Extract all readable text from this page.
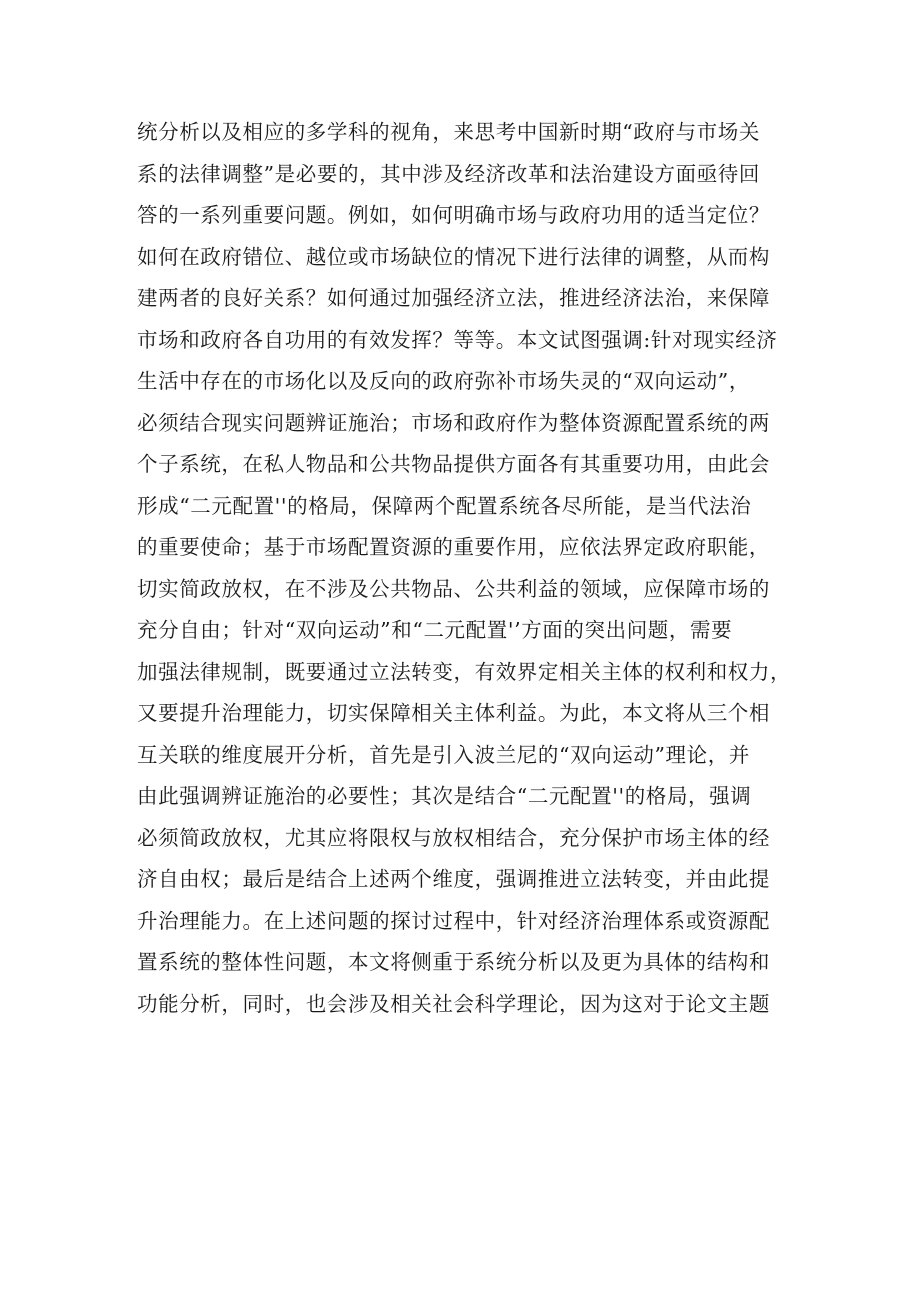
统分析以及相应的多学科的视角，来思考中国新时期“政府与市场关
系的法律调整”是必要的，其中涉及经济改革和法治建设方面亟待回
答的一系列重要问题。例如，如何明确市场与政府功用的适当定位？
如何在政府错位、越位或市场缺位的情况下进行法律的调整，从而构
建两者的良好关系？如何通过加强经济立法，推进经济法治，来保障
市场和政府各自功用的有效发挥？等等。本文试图强调:针对现实经济
生活中存在的市场化以及反向的政府弥补市场失灵的“双向运动”，
必须结合现实问题辨证施治；市场和政府作为整体资源配置系统的两
个子系统，在私人物品和公共物品提供方面各有其重要功用，由此会
形成“二元配置''的格局，保障两个配置系统各尽所能，是当代法治
的重要使命；基于市场配置资源的重要作用，应依法界定政府职能，
切实简政放权，在不涉及公共物品、公共利益的领域，应保障市场的
充分自由；针对“双向运动”和“二元配置'’方面的突出问题，需要
加强法律规制，既要通过立法转变，有效界定相关主体的权利和权力，
又要提升治理能力，切实保障相关主体利益。为此，本文将从三个相
互关联的维度展开分析，首先是引入波兰尼的“双向运动”理论，并
由此强调辨证施治的必要性；其次是结合“二元配置''的格局，强调
必须简政放权，尤其应将限权与放权相结合，充分保护市场主体的经
济自由权；最后是结合上述两个维度，强调推进立法转变，并由此提
升治理能力。在上述问题的探讨过程中，针对经济治理体系或资源配
置系统的整体性问题，本文将侧重于系统分析以及更为具体的结构和
功能分析，同时，也会涉及相关社会科学理论，因为这对于论文主题
